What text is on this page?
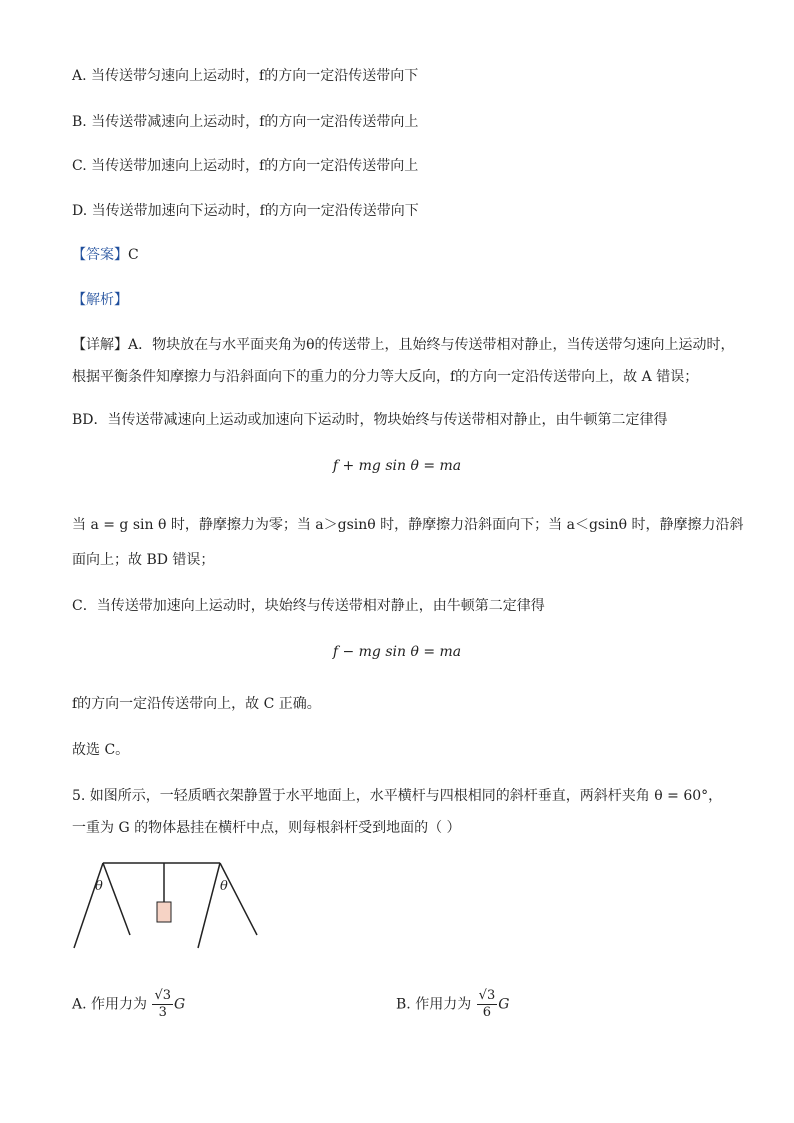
A. 当传送带匀速向上运动时，f的方向一定沿传送带向下
B. 当传送带减速向上运动时，f的方向一定沿传送带向上
C. 当传送带加速向上运动时，f的方向一定沿传送带向上
D. 当传送带加速向下运动时，f的方向一定沿传送带向下
【答案】C
【解析】
【详解】A．物块放在与水平面夹角为θ的传送带上，且始终与传送带相对静止，当传送带匀速向上运动时，
根据平衡条件知摩擦力与沿斜面向下的重力的分力等大反向，f的方向一定沿传送带向上，故 A 错误；
BD．当传送带减速向上运动或加速向下运动时，物块始终与传送带相对静止，由牛顿第二定律得
f + mg sin θ = ma
当 a = g sin θ 时，静摩擦力为零；当 a＞gsinθ 时，静摩擦力沿斜面向下；当 a＜gsinθ 时，静摩擦力沿斜
面向上；故 BD 错误；
C．当传送带加速向上运动时，块始终与传送带相对静止，由牛顿第二定律得
f − mg sin θ = ma
f的方向一定沿传送带向上，故 C 正确。
故选 C。
5. 如图所示，一轻质晒衣架静置于水平地面上，水平横杆与四根相同的斜杆垂直，两斜杆夹角 θ = 60°，
一重为 G 的物体悬挂在横杆中点，则每根斜杆受到地面的（ ）
θ	θ
A. 作用力为 $\frac{√3}{3}$ G	B. 作用力为 $\frac{√3}{6}$ G
